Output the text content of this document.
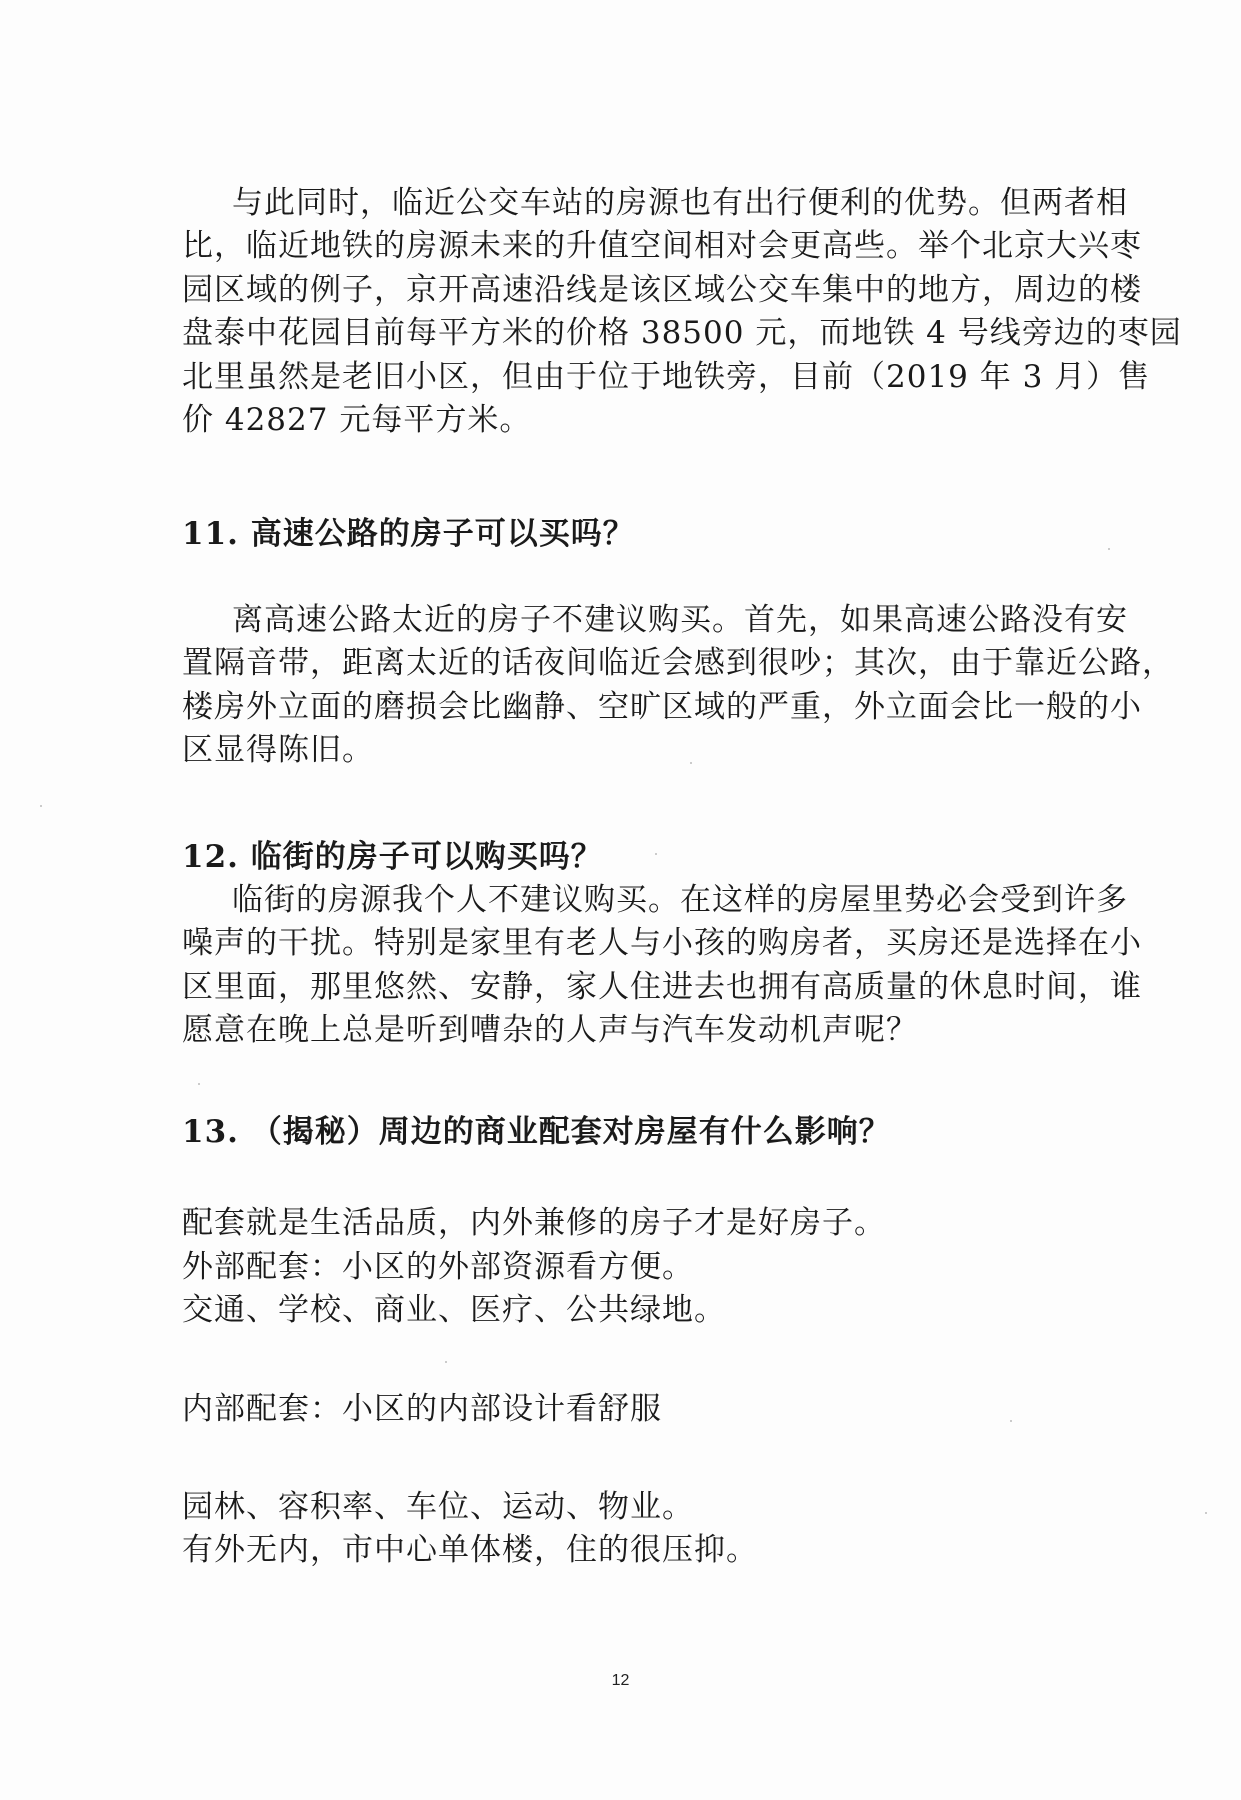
与此同时，临近公交车站的房源也有出行便利的优势。但两者相
比，临近地铁的房源未来的升值空间相对会更高些。举个北京大兴枣
园区域的例子，京开高速沿线是该区域公交车集中的地方，周边的楼
盘泰中花园目前每平方米的价格 38500 元，而地铁 4 号线旁边的枣园
北里虽然是老旧小区，但由于位于地铁旁，目前（2019 年 3 月）售
价 42827 元每平方米。
11. 高速公路的房子可以买吗？
离高速公路太近的房子不建议购买。首先，如果高速公路没有安
置隔音带，距离太近的话夜间临近会感到很吵；其次，由于靠近公路，
楼房外立面的磨损会比幽静、空旷区域的严重，外立面会比一般的小
区显得陈旧。
12. 临街的房子可以购买吗？
临街的房源我个人不建议购买。在这样的房屋里势必会受到许多
噪声的干扰。特别是家里有老人与小孩的购房者，买房还是选择在小
区里面，那里悠然、安静，家人住进去也拥有高质量的休息时间，谁
愿意在晚上总是听到嘈杂的人声与汽车发动机声呢？
13. （揭秘）周边的商业配套对房屋有什么影响？
配套就是生活品质，内外兼修的房子才是好房子。
外部配套：小区的外部资源看方便。
交通、学校、商业、医疗、公共绿地。
内部配套：小区的内部设计看舒服
园林、容积率、车位、运动、物业。
有外无内，市中心单体楼，住的很压抑。
12
